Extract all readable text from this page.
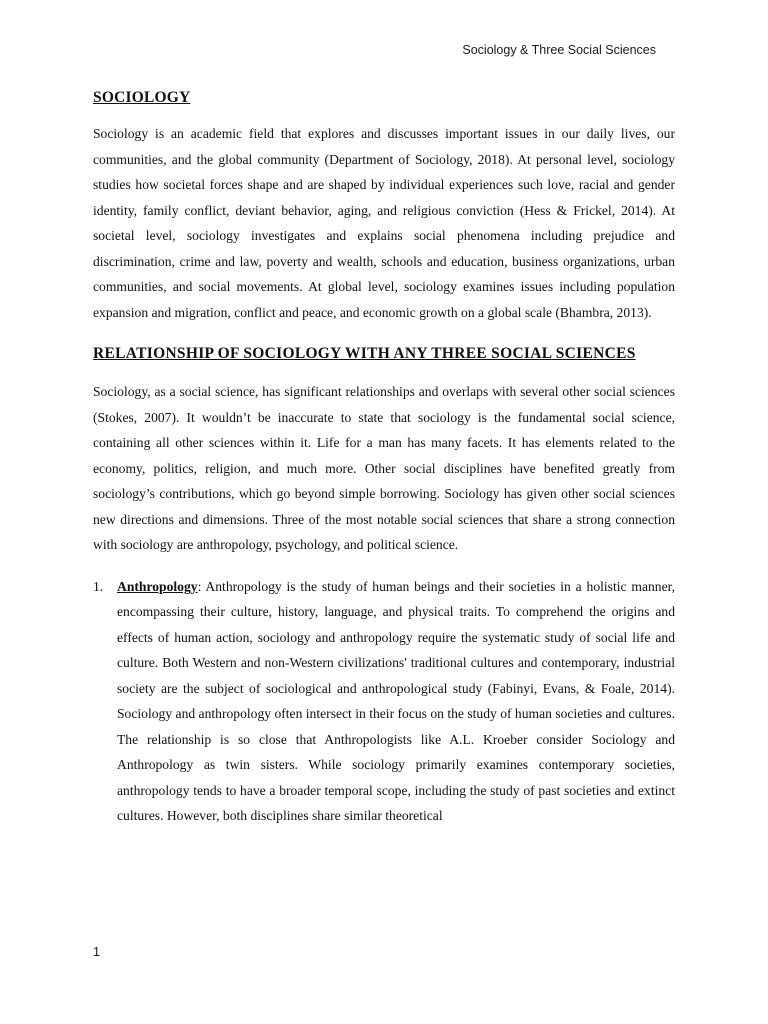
Sociology & Three Social Sciences
SOCIOLOGY

Sociology is an academic field that explores and discusses important issues in our daily lives, our communities, and the global community (Department of Sociology, 2018). At personal level, sociology studies how societal forces shape and are shaped by individual experiences such love, racial and gender identity, family conflict, deviant behavior, aging, and religious conviction (Hess & Frickel, 2014). At societal level, sociology investigates and explains social phenomena including prejudice and discrimination, crime and law, poverty and wealth, schools and education, business organizations, urban communities, and social movements. At global level, sociology examines issues including population expansion and migration, conflict and peace, and economic growth on a global scale (Bhambra, 2013).

RELATIONSHIP OF SOCIOLOGY WITH ANY THREE SOCIAL SCIENCES

Sociology, as a social science, has significant relationships and overlaps with several other social sciences (Stokes, 2007). It wouldn’t be inaccurate to state that sociology is the fundamental social science, containing all other sciences within it. Life for a man has many facets. It has elements related to the economy, politics, religion, and much more. Other social disciplines have benefited greatly from sociology’s contributions, which go beyond simple borrowing. Sociology has given other social sciences new directions and dimensions. Three of the most notable social sciences that share a strong connection with sociology are anthropology, psychology, and political science.

1. Anthropology: Anthropology is the study of human beings and their societies in a holistic manner, encompassing their culture, history, language, and physical traits. To comprehend the origins and effects of human action, sociology and anthropology require the systematic study of social life and culture. Both Western and non-Western civilizations' traditional cultures and contemporary, industrial society are the subject of sociological and anthropological study (Fabinyi, Evans, & Foale, 2014). Sociology and anthropology often intersect in their focus on the study of human societies and cultures. The relationship is so close that Anthropologists like A.L. Kroeber consider Sociology and Anthropology as twin sisters. While sociology primarily examines contemporary societies, anthropology tends to have a broader temporal scope, including the study of past societies and extinct cultures. However, both disciplines share similar theoretical
1
